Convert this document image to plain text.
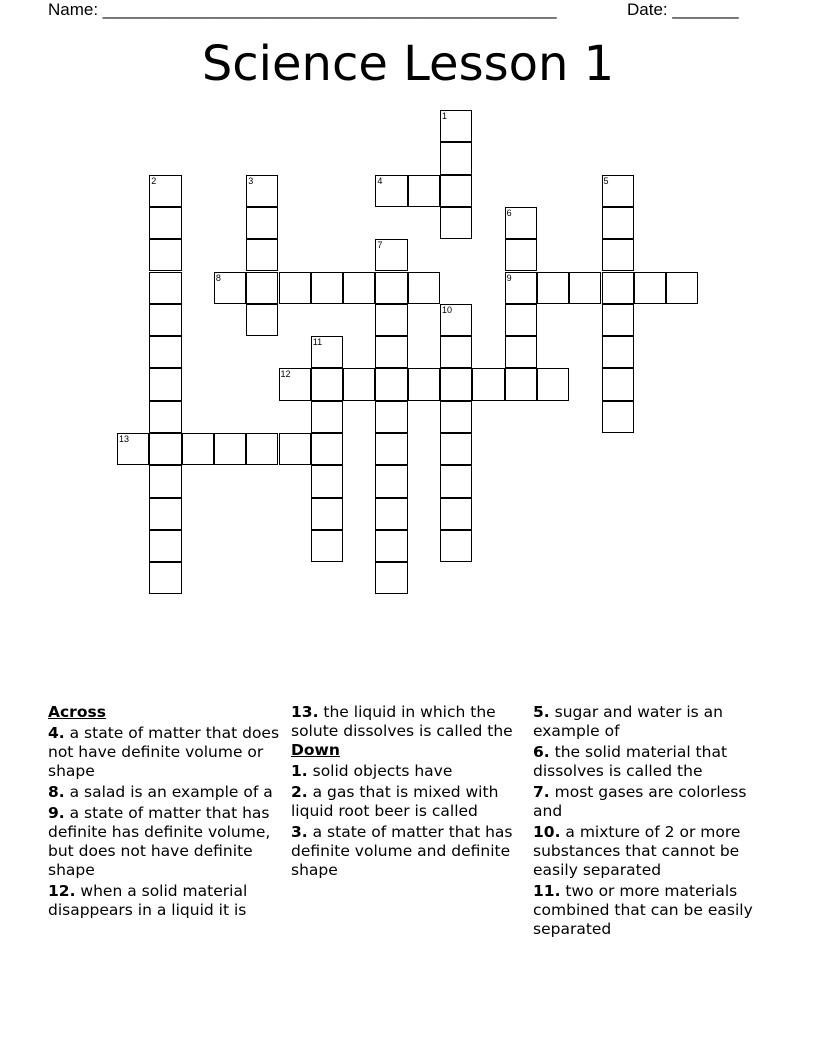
Name: ________________________________________________	Date: _______
Science Lesson 1
1
2	3	4	5
6
9
7
8
10
11
12
13
Across
4. a state of matter that does not have definite volume or shape
8. a salad is an example of a
9. a state of matter that has definite has definite volume, but does not have definite shape
12. when a solid material disappears in a liquid it is
13. the liquid in which the solute dissolves is called the
Down
1. solid objects have
2. a gas that is mixed with liquid root beer is called
3. a state of matter that has definite volume and definite shape
5. sugar and water is an example of
6. the solid material that dissolves is called the
7. most gases are colorless and
10. a mixture of 2 or more substances that cannot be easily separated
11. two or more materials combined that can be easily separated
